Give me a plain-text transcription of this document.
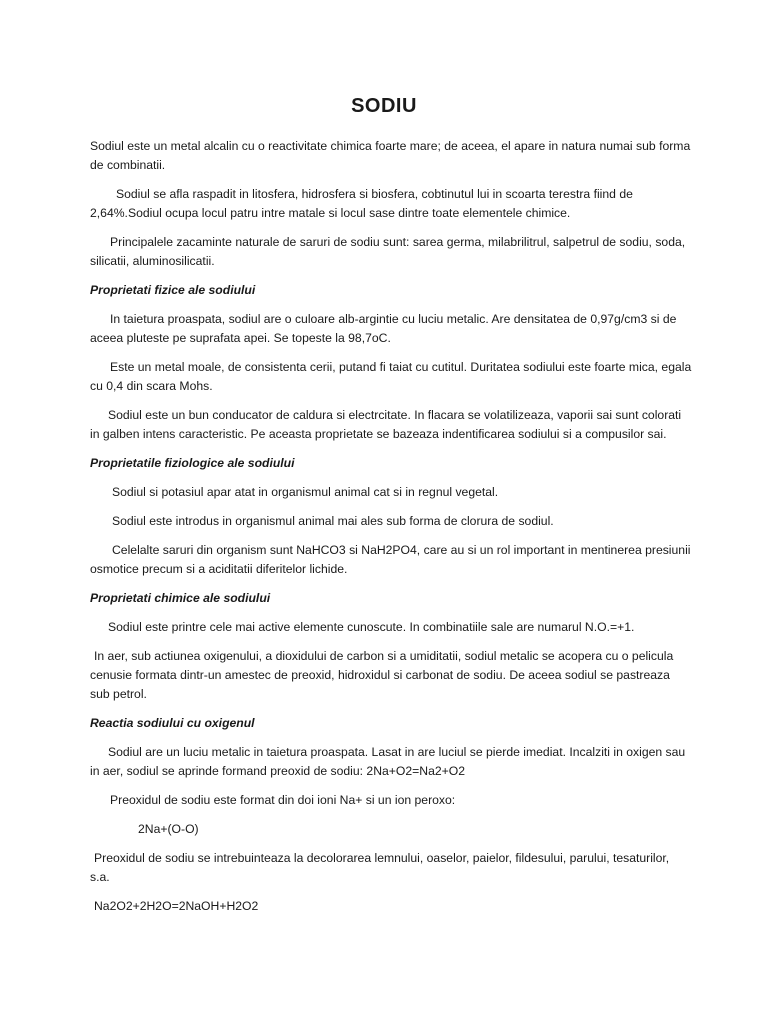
SODIU

Sodiul este un metal alcalin cu o reactivitate chimica foarte mare; de aceea, el apare in natura numai sub forma de combinatii.

Sodiul se afla raspadit in litosfera, hidrosfera si biosfera, cobtinutul lui in scoarta terestra fiind de 2,64%.Sodiul ocupa locul patru intre matale si locul sase dintre toate elementele chimice.

Principalele zacaminte naturale de saruri de sodiu sunt: sarea germa, milabrilitrul, salpetrul de sodiu, soda, silicatii, aluminosilicatii.

Proprietati fizice ale sodiului

In taietura proaspata, sodiul are o culoare alb-argintie cu luciu metalic. Are densitatea de 0,97g/cm3 si de aceea pluteste pe suprafata apei. Se topeste la 98,7oC.

Este un metal moale, de consistenta cerii, putand fi taiat cu cutitul. Duritatea sodiului este foarte mica, egala cu 0,4 din scara Mohs.

Sodiul este un bun conducator de caldura si electrcitate. In flacara se volatilizeaza, vaporii sai sunt colorati in galben intens caracteristic. Pe aceasta proprietate se bazeaza indentificarea sodiului si a compusilor sai.

Proprietatile fiziologice ale sodiului

Sodiul si potasiul apar atat in organismul animal cat si in regnul vegetal.

Sodiul este introdus in organismul animal mai ales sub forma de clorura de sodiul.

Celelalte saruri din organism sunt NaHCO3 si NaH2PO4, care au si un rol important in mentinerea presiunii osmotice precum si a aciditatii diferitelor lichide.

Proprietati chimice ale sodiului

Sodiul este printre cele mai active elemente cunoscute. In combinatiile sale are numarul N.O.=+1.

In aer, sub actiunea oxigenului, a dioxidului de carbon si a umiditatii, sodiul metalic se acopera cu o pelicula cenusie formata dintr-un amestec de preoxid, hidroxidul si carbonat de sodiu. De aceea sodiul se pastreaza sub petrol.

Reactia sodiului cu oxigenul

Sodiul are un luciu metalic in taietura proaspata. Lasat in are luciul se pierde imediat. Incalziti in oxigen sau in aer, sodiul se aprinde formand preoxid de sodiu: 2Na+O2=Na2+O2

Preoxidul de sodiu este format din doi ioni Na+ si un ion peroxo:

2Na+(O-O)

Preoxidul de sodiu se intrebuinteaza la decolorarea lemnului, oaselor, paielor, fildesului, parului, tesaturilor, s.a.

Na2O2+2H2O=2NaOH+H2O2
